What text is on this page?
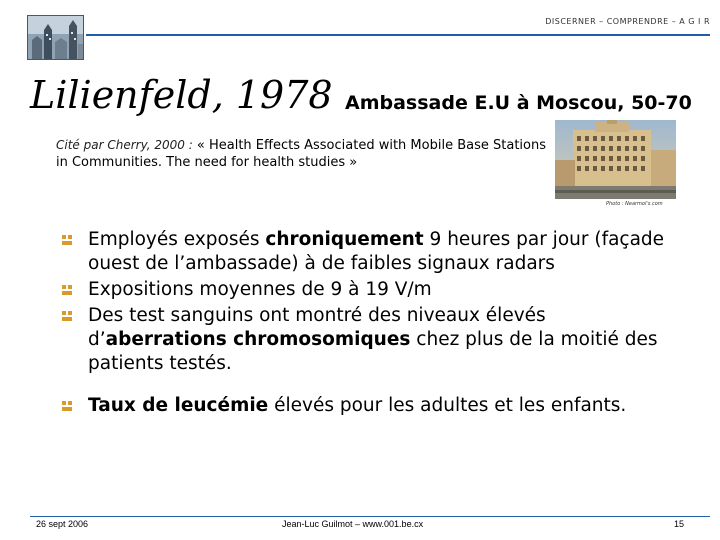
DISCERNER – COMPRENDRE – A G I R
Lilienfeld, 1978 Ambassade E.U à Moscou, 50-70
Cité par Cherry, 2000 : « Health Effects Associated with Mobile Base Stations in Communities. The need for health studies »
Photo : Nearmoi's.com
Employés exposés chroniquement 9 heures par jour (façade ouest de l’ambassade) à de faibles signaux radars
Expositions moyennes de 9 à 19 V/m
Des test sanguins ont montré des niveaux élevés d’aberrations chromosomiques chez plus de la moitié des patients testés.
Taux de leucémie élevés pour les adultes et les enfants.
26 sept 2006	Jean-Luc Guilmot – www.001.be.cx	15
